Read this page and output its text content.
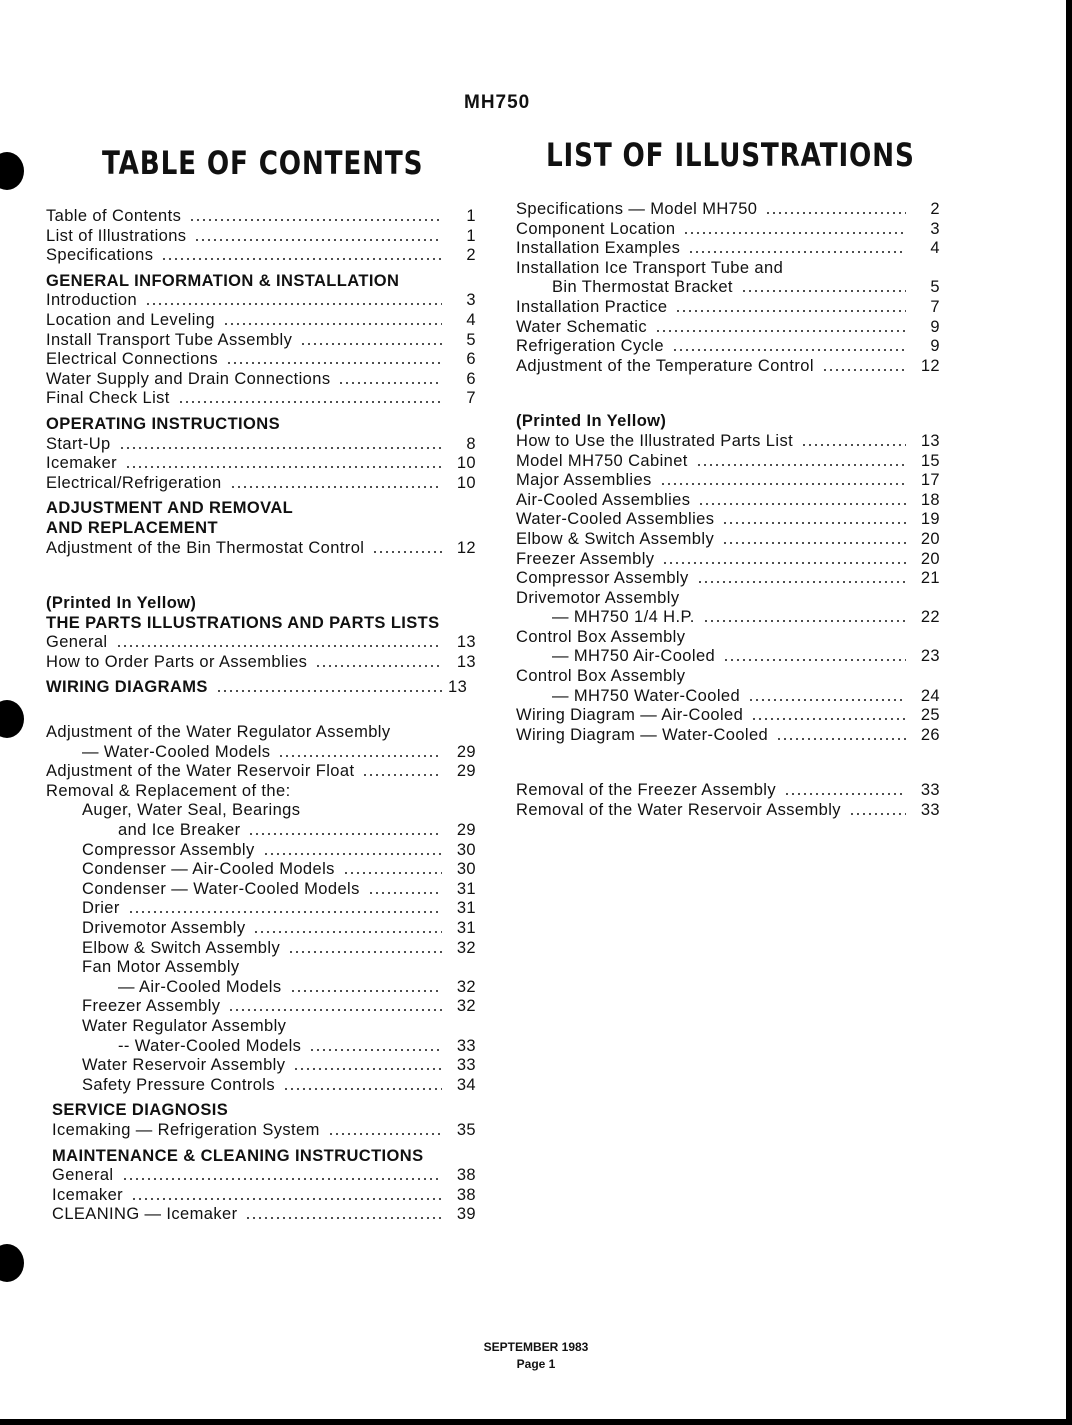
MH750
TABLE OF CONTENTS	LIST OF ILLUSTRATIONS
Table of Contents	1
List of Illustrations	1
Specifications	2
GENERAL INFORMATION & INSTALLATION
Introduction	3
Location and Leveling	4
Install Transport Tube Assembly	5
Electrical Connections	6
Water Supply and Drain Connections	6
Final Check List	7
OPERATING INSTRUCTIONS
Start-Up	8
Icemaker	10
Electrical/Refrigeration	10
ADJUSTMENT AND REMOVAL
AND REPLACEMENT
Adjustment of the Bin Thermostat Control	12
(Printed In Yellow)
THE PARTS ILLUSTRATIONS AND PARTS LISTS
General	13
How to Order Parts or Assemblies	13
WIRING DIAGRAMS	13
Adjustment of the Water Regulator Assembly
— Water-Cooled Models	29
Adjustment of the Water Reservoir Float	29
Removal & Replacement of the:
Auger, Water Seal, Bearings
and Ice Breaker	29
Compressor Assembly	30
Condenser — Air-Cooled Models	30
Condenser — Water-Cooled Models	31
Drier	31
Drivemotor Assembly	31
Elbow & Switch Assembly	32
Fan Motor Assembly
— Air-Cooled Models	32
Freezer Assembly	32
Water Regulator Assembly
-- Water-Cooled Models	33
Water Reservoir Assembly	33
Safety Pressure Controls	34
SERVICE DIAGNOSIS
Icemaking — Refrigeration System	35
MAINTENANCE & CLEANING INSTRUCTIONS
General	38
Icemaker	38
CLEANING — Icemaker	39
Specifications — Model MH750	2
Component Location	3
Installation Examples	4
Installation Ice Transport Tube and
Bin Thermostat Bracket	5
Installation Practice	7
Water Schematic	9
Refrigeration Cycle	9
Adjustment of the Temperature Control	12
(Printed In Yellow)
How to Use the Illustrated Parts List	13
Model MH750 Cabinet	15
Major Assemblies	17
Air-Cooled Assemblies	18
Water-Cooled Assemblies	19
Elbow & Switch Assembly	20
Freezer Assembly	20
Compressor Assembly	21
Drivemotor Assembly
— MH750 1/4 H.P.	22
Control Box Assembly
— MH750 Air-Cooled	23
Control Box Assembly
— MH750 Water-Cooled	24
Wiring Diagram — Air-Cooled	25
Wiring Diagram — Water-Cooled	26
Removal of the Freezer Assembly	33
Removal of the Water Reservoir Assembly	33
SEPTEMBER 1983
Page 1
